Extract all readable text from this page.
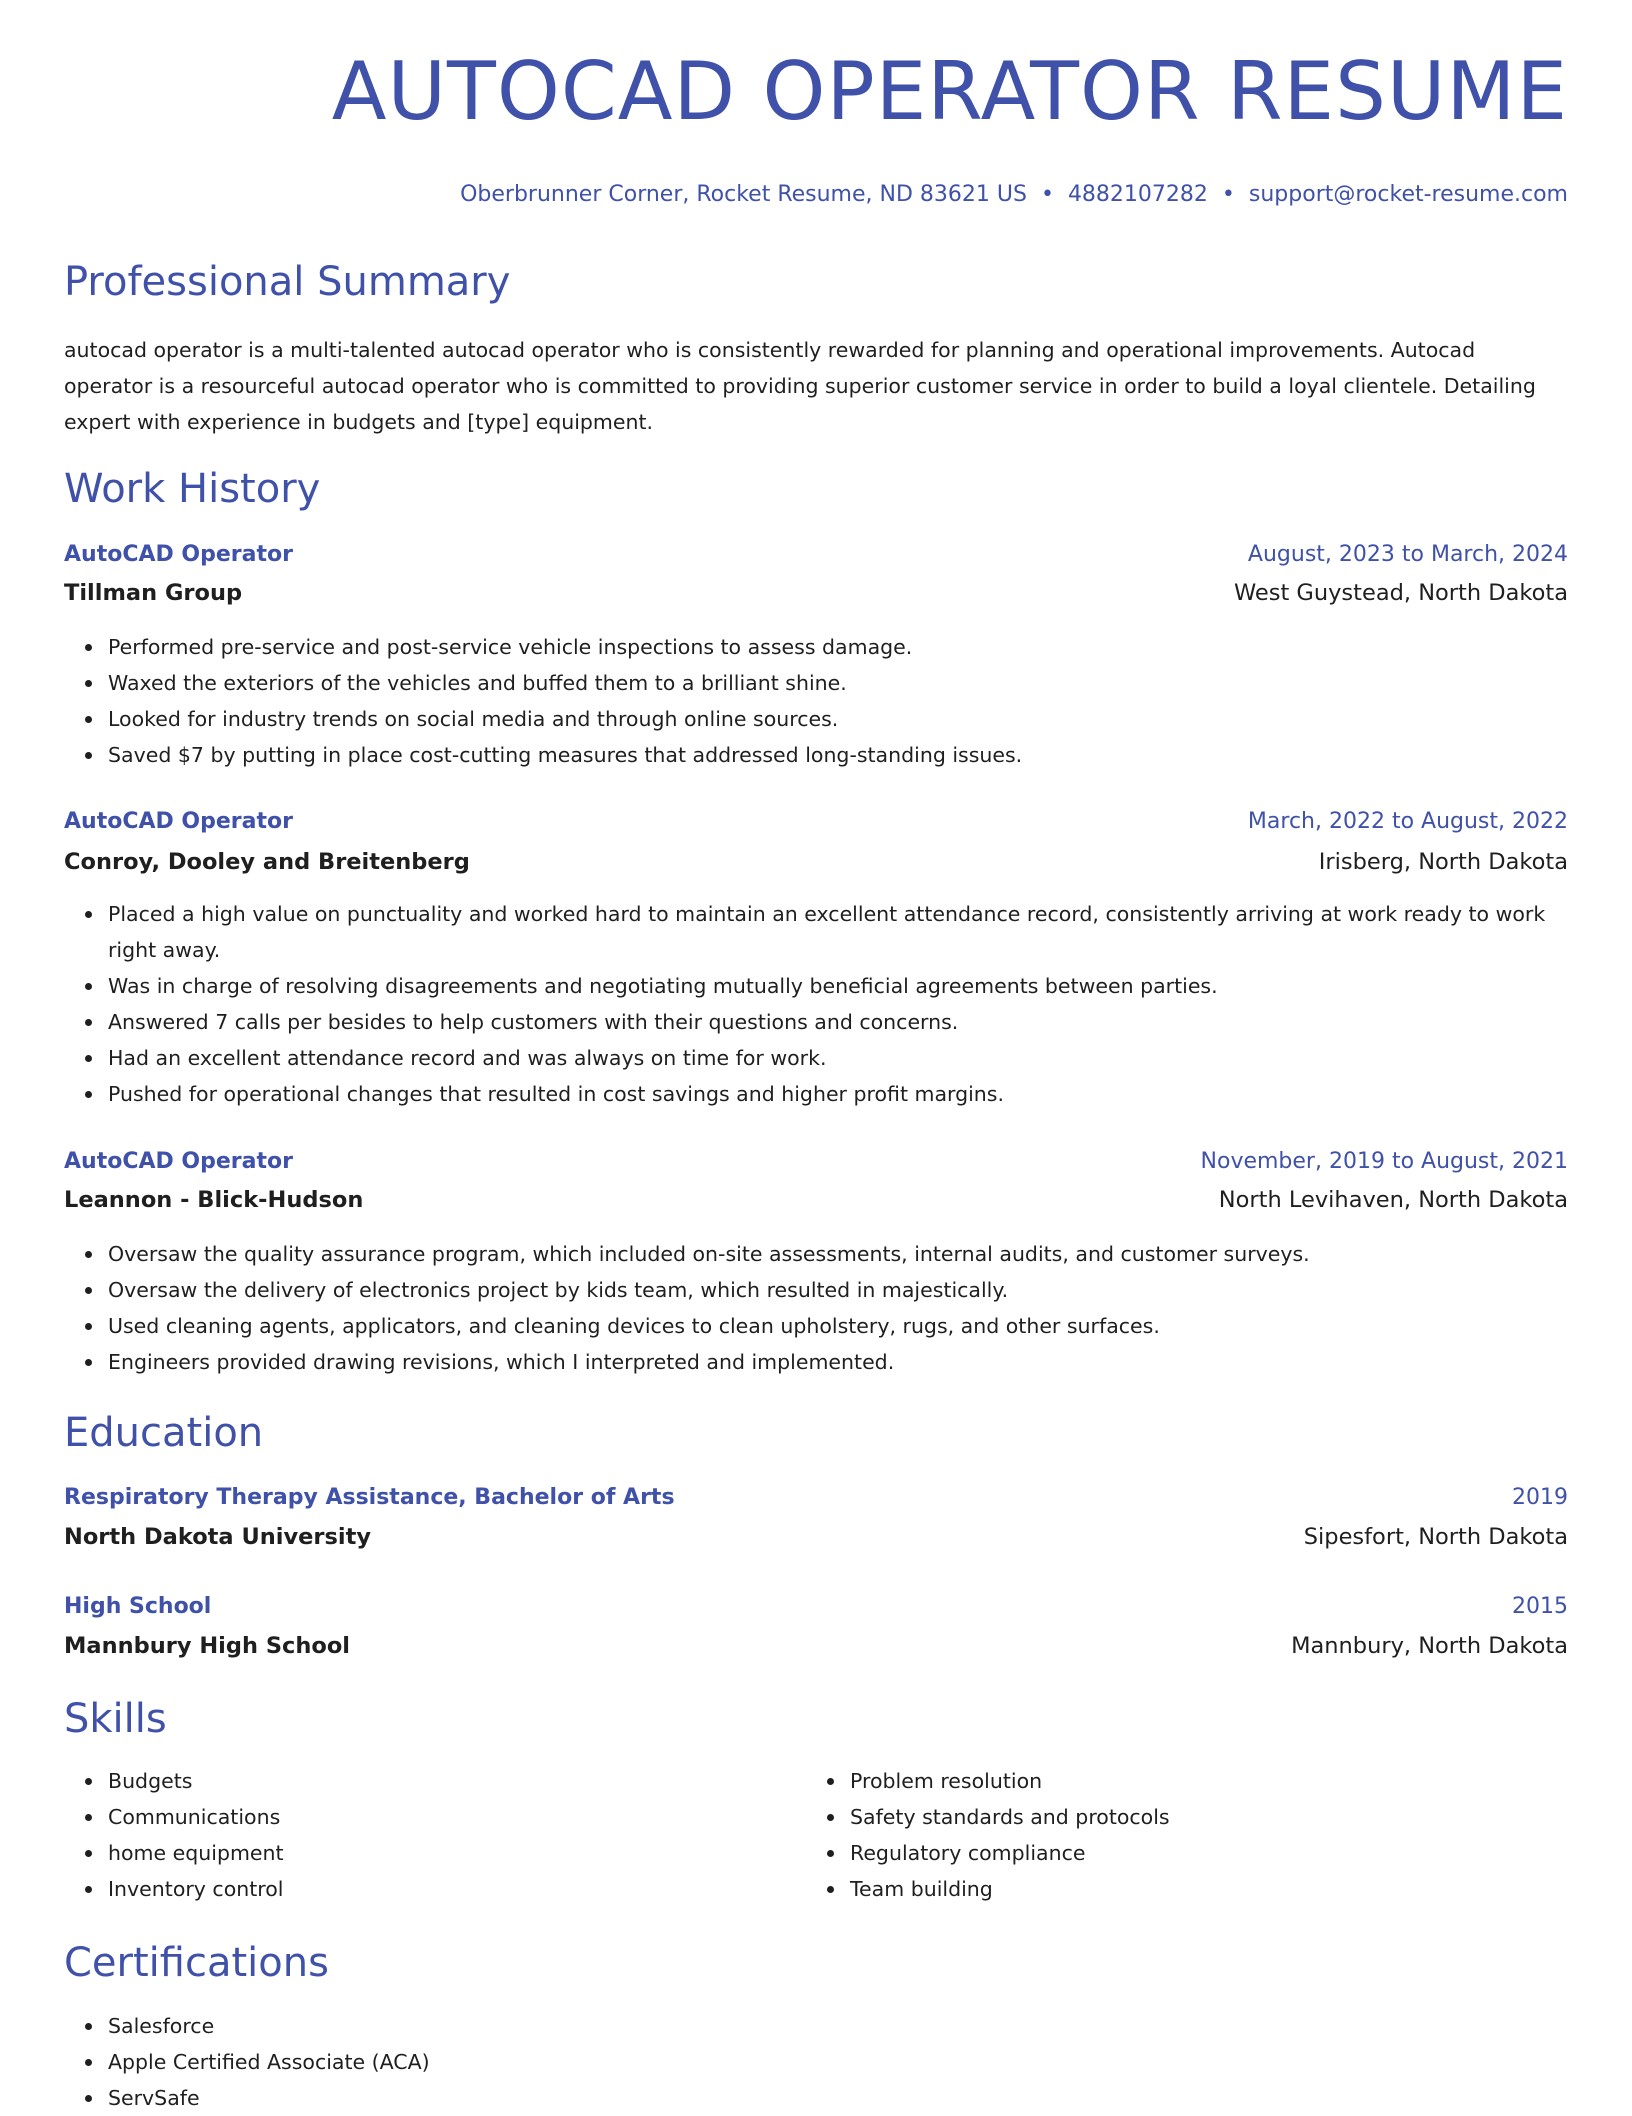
AUTOCAD OPERATOR RESUME
Oberbrunner Corner, Rocket Resume, ND 83621 US • 4882107282 • support@rocket-resume.com
Professional Summary

autocad operator is a multi-talented autocad operator who is consistently rewarded for planning and operational improvements. Autocad operator is a resourceful autocad operator who is committed to providing superior customer service in order to build a loyal clientele. Detailing expert with experience in budgets and [type] equipment.

Work History
AutoCAD Operator	August, 2023 to March, 2024
Tillman Group	West Guystead, North Dakota
Performed pre-service and post-service vehicle inspections to assess damage.
Waxed the exteriors of the vehicles and buffed them to a brilliant shine.
Looked for industry trends on social media and through online sources.
Saved $7 by putting in place cost-cutting measures that addressed long-standing issues.
AutoCAD Operator	March, 2022 to August, 2022
Conroy, Dooley and Breitenberg	Irisberg, North Dakota
Placed a high value on punctuality and worked hard to maintain an excellent attendance record, consistently arriving at work ready to work right away.
Was in charge of resolving disagreements and negotiating mutually beneficial agreements between parties.
Answered 7 calls per besides to help customers with their questions and concerns.
Had an excellent attendance record and was always on time for work.
Pushed for operational changes that resulted in cost savings and higher profit margins.
AutoCAD Operator	November, 2019 to August, 2021
Leannon - Blick-Hudson	North Levihaven, North Dakota
Oversaw the quality assurance program, which included on-site assessments, internal audits, and customer surveys.
Oversaw the delivery of electronics project by kids team, which resulted in majestically.
Used cleaning agents, applicators, and cleaning devices to clean upholstery, rugs, and other surfaces.
Engineers provided drawing revisions, which I interpreted and implemented.
Education
Respiratory Therapy Assistance, Bachelor of Arts	2019
North Dakota University	Sipesfort, North Dakota
High School	2015
Mannbury High School	Mannbury, North Dakota
Skills
Budgets
Communications
home equipment
Inventory control
Problem resolution
Safety standards and protocols
Regulatory compliance
Team building
Certifications
Salesforce
Apple Certified Associate (ACA)
ServSafe
